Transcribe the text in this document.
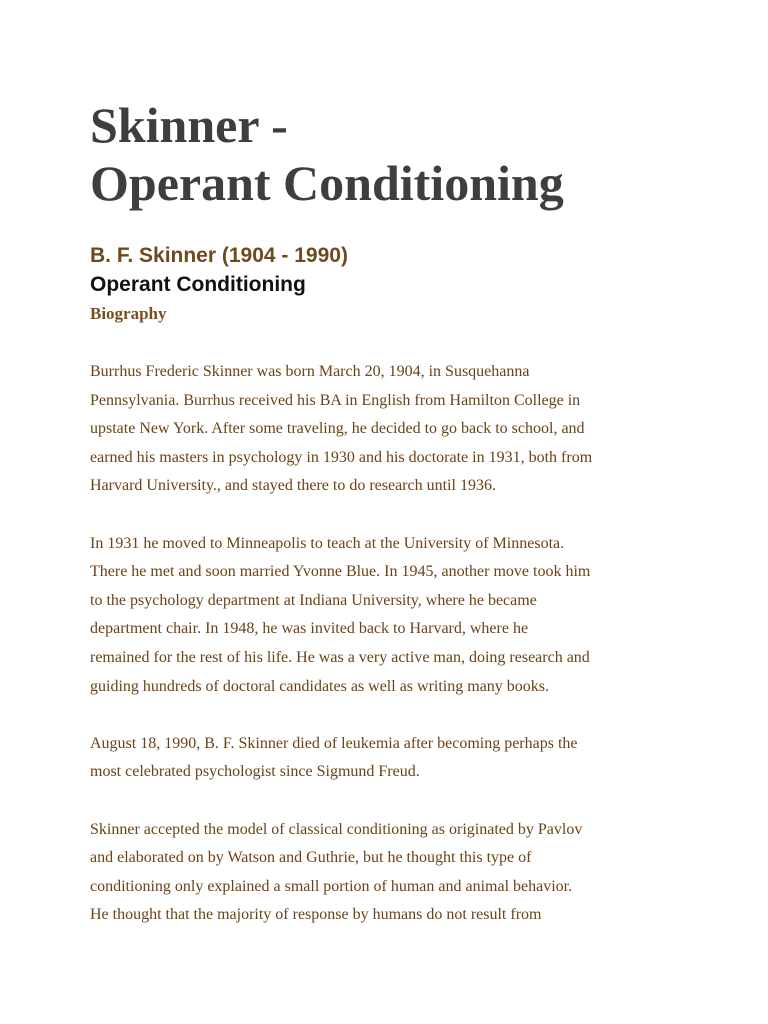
Skinner -
Operant Conditioning
B. F. Skinner (1904 - 1990)
Operant Conditioning
Biography

Burrhus Frederic Skinner was born March 20, 1904, in Susquehanna
Pennsylvania. Burrhus received his BA in English from Hamilton College in
upstate New York. After some traveling, he decided to go back to school, and
earned his masters in psychology in 1930 and his doctorate in 1931, both from
Harvard University., and stayed there to do research until 1936.

In 1931 he moved to Minneapolis to teach at the University of Minnesota.
There he met and soon married Yvonne Blue. In 1945, another move took him
to the psychology department at Indiana University, where he became
department chair. In 1948, he was invited back to Harvard, where he
remained for the rest of his life. He was a very active man, doing research and
guiding hundreds of doctoral candidates as well as writing many books.

August 18, 1990, B. F. Skinner died of leukemia after becoming perhaps the
most celebrated psychologist since Sigmund Freud.

Skinner accepted the model of classical conditioning as originated by Pavlov
and elaborated on by Watson and Guthrie, but he thought this type of
conditioning only explained a small portion of human and animal behavior.
He thought that the majority of response by humans do not result from
